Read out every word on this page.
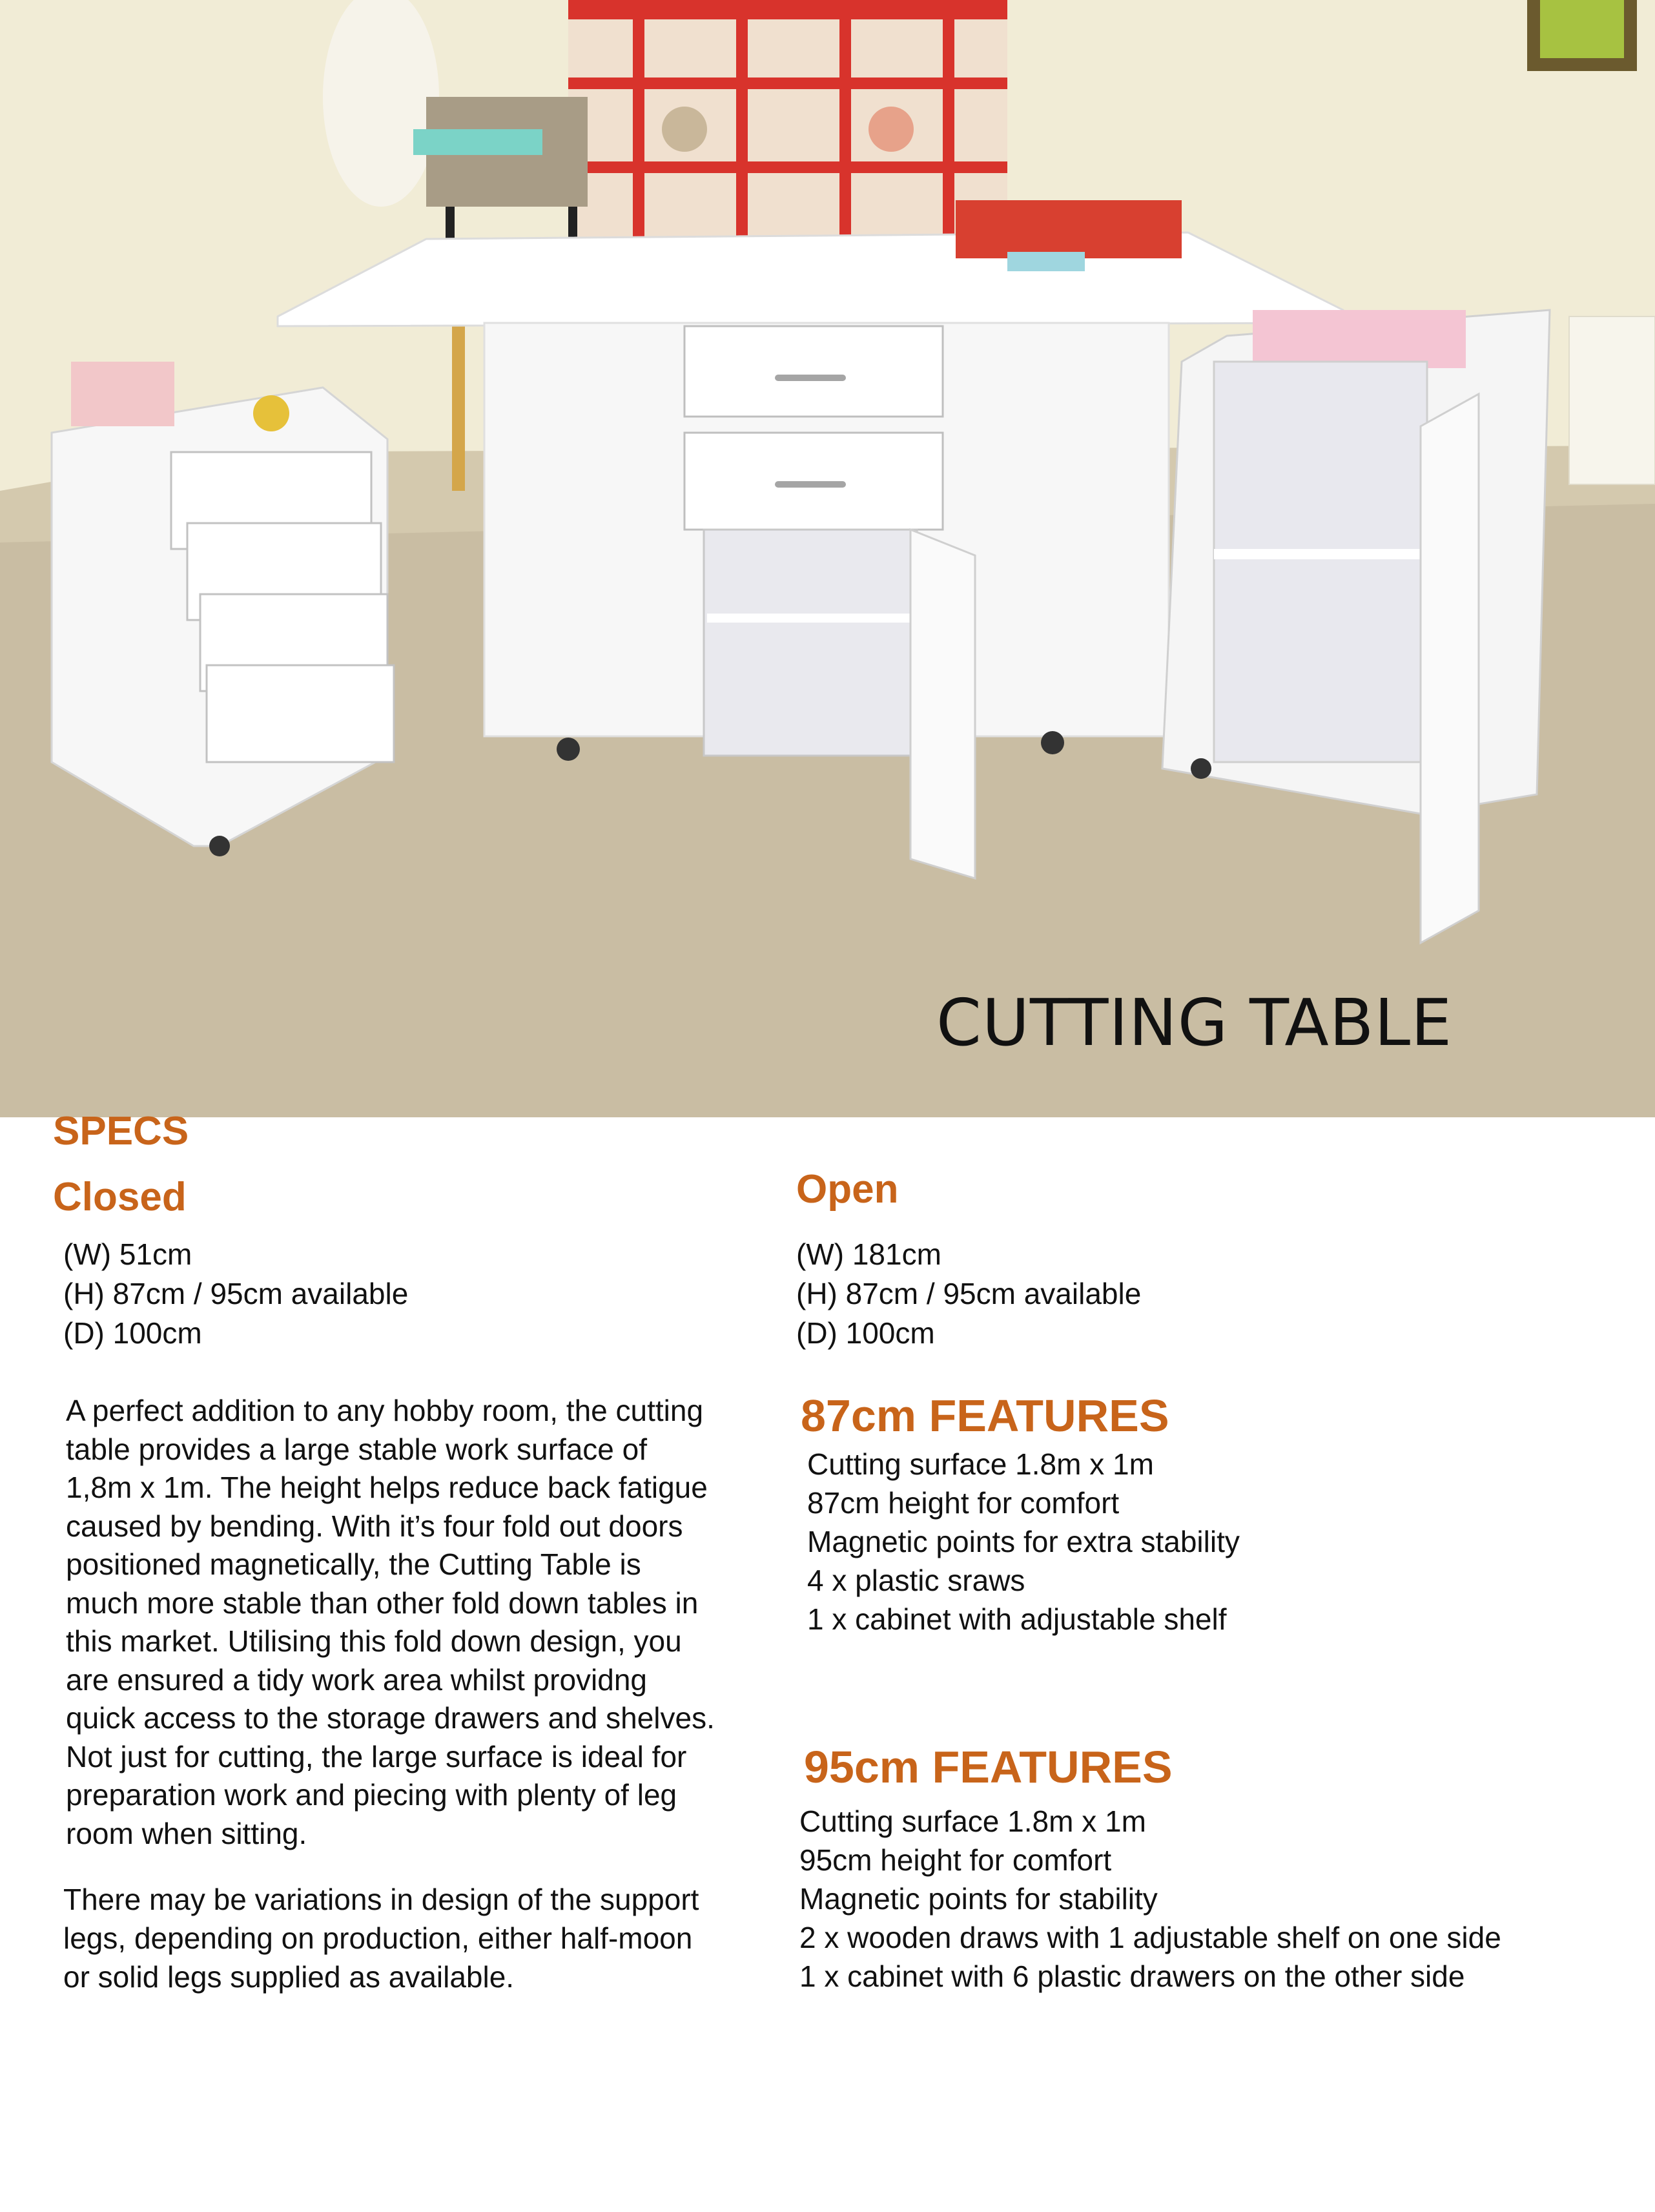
CUTTING TABLE
SPECS
Closed	Open
(W) 51cm
(H) 87cm / 95cm available
(D) 100cm
(W) 181cm
(H) 87cm / 95cm available
(D) 100cm
A perfect addition to any hobby room, the cutting
table provides a large stable work surface of
1,8m x 1m. The height helps reduce back fatigue
caused by bending. With it’s four fold out doors
positioned magnetically, the Cutting Table is
much more stable than other fold down tables in
this market. Utilising this fold down design, you
are ensured a tidy work area whilst providng
quick access to the storage drawers and shelves.
Not just for cutting, the large surface is ideal for
preparation work and piecing with plenty of leg
room when sitting.
There may be variations in design of the support
legs, depending on production, either half-moon
or solid legs supplied as available.
87cm FEATURES
Cutting surface 1.8m x 1m
87cm height for comfort
Magnetic points for extra stability
4 x plastic sraws
1 x cabinet with adjustable shelf
95cm FEATURES
Cutting surface 1.8m x 1m
95cm height for comfort
Magnetic points for stability
2 x wooden draws with 1 adjustable shelf on one side
1 x cabinet with 6 plastic drawers on the other side
